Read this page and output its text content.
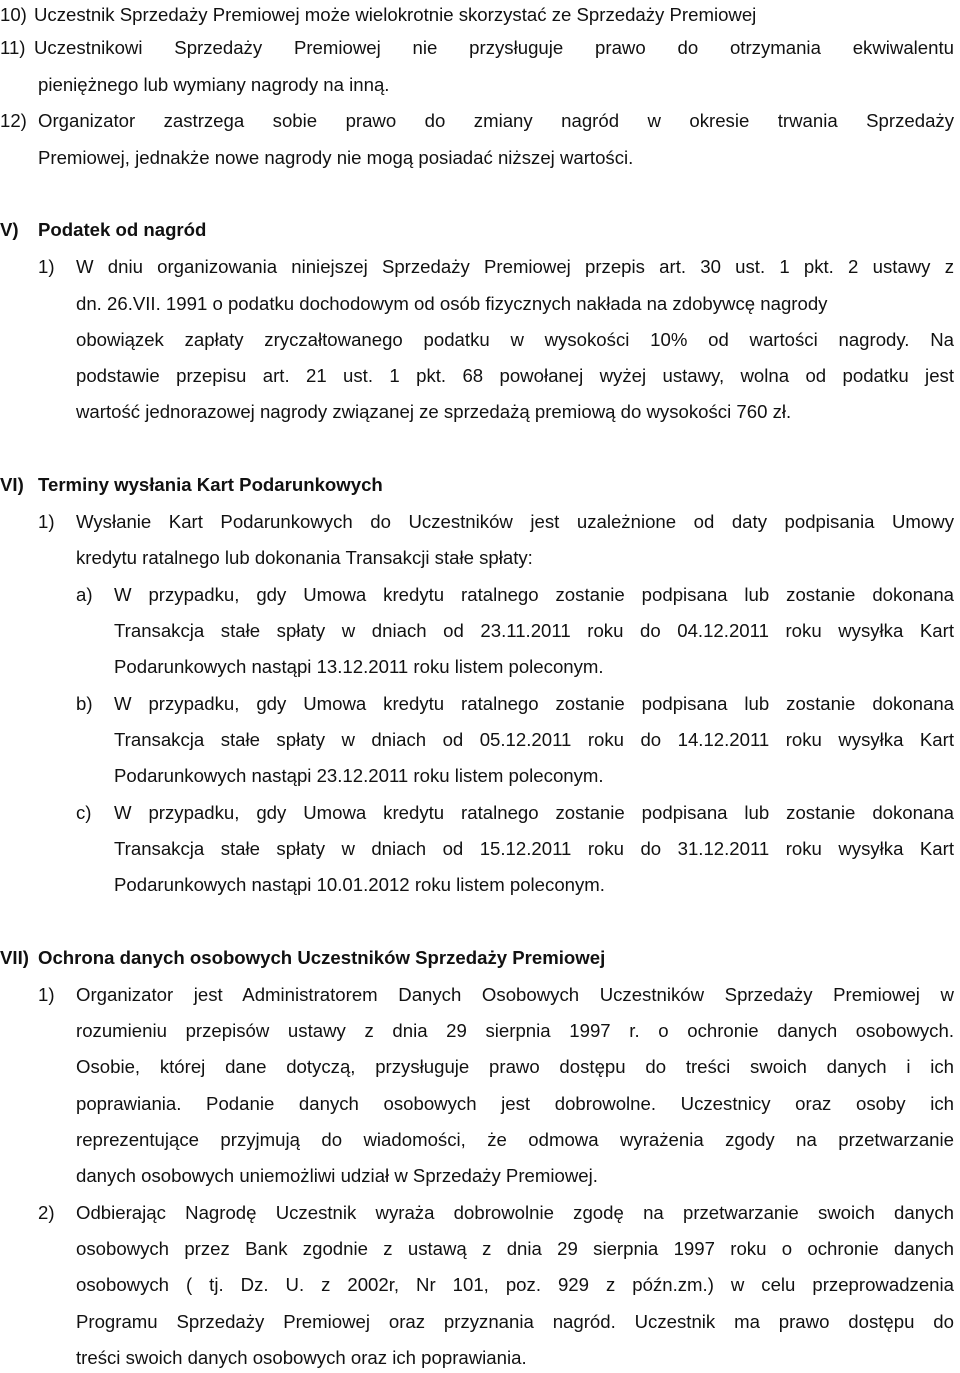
10) Uczestnik Sprzedaży Premiowej może wielokrotnie skorzystać ze Sprzedaży Premiowej
11) Uczestnikowi Sprzedaży Premiowej nie przysługuje prawo do otrzymania ekwiwalentu
pieniężnego lub wymiany nagrody na inną.
12) Organizator zastrzega sobie prawo do zmiany nagród w okresie trwania Sprzedaży
Premiowej, jednakże nowe nagrody nie mogą posiadać niższej wartości.
V) Podatek od nagród
1) W dniu organizowania niniejszej Sprzedaży Premiowej przepis art. 30 ust. 1 pkt. 2 ustawy z
dn. 26.VII. 1991 o podatku dochodowym od osób fizycznych nakłada na zdobywcę nagrody
obowiązek zapłaty zryczałtowanego podatku w wysokości 10% od wartości nagrody. Na
podstawie przepisu art. 21 ust. 1 pkt. 68 powołanej wyżej ustawy, wolna od podatku jest
wartość jednorazowej nagrody związanej ze sprzedażą premiową do wysokości 760 zł.
VI) Terminy wysłania Kart Podarunkowych
1) Wysłanie Kart Podarunkowych do Uczestników jest uzależnione od daty podpisania Umowy
kredytu ratalnego lub dokonania Transakcji stałe spłaty:
a) W przypadku, gdy Umowa kredytu ratalnego zostanie podpisana lub zostanie dokonana
Transakcja stałe spłaty w dniach od 23.11.2011 roku do 04.12.2011 roku wysyłka Kart
Podarunkowych nastąpi 13.12.2011 roku listem poleconym.
b) W przypadku, gdy Umowa kredytu ratalnego zostanie podpisana lub zostanie dokonana
Transakcja stałe spłaty w dniach od 05.12.2011 roku do 14.12.2011 roku wysyłka Kart
Podarunkowych nastąpi 23.12.2011 roku listem poleconym.
c) W przypadku, gdy Umowa kredytu ratalnego zostanie podpisana lub zostanie dokonana
Transakcja stałe spłaty w dniach od 15.12.2011 roku do 31.12.2011 roku wysyłka Kart
Podarunkowych nastąpi 10.01.2012 roku listem poleconym.
VII) Ochrona danych osobowych Uczestników Sprzedaży Premiowej
1) Organizator jest Administratorem Danych Osobowych Uczestników Sprzedaży Premiowej w
rozumieniu przepisów ustawy z dnia 29 sierpnia 1997 r. o ochronie danych osobowych.
Osobie, której dane dotyczą, przysługuje prawo dostępu do treści swoich danych i ich
poprawiania. Podanie danych osobowych jest dobrowolne. Uczestnicy oraz osoby ich
reprezentujące przyjmują do wiadomości, że odmowa wyrażenia zgody na przetwarzanie
danych osobowych uniemożliwi udział w Sprzedaży Premiowej.
2) Odbierając Nagrodę Uczestnik wyraża dobrowolnie zgodę na przetwarzanie swoich danych
osobowych przez Bank zgodnie z ustawą z dnia 29 sierpnia 1997 roku o ochronie danych
osobowych ( tj. Dz. U. z 2002r, Nr 101, poz. 929 z późn.zm.) w celu przeprowadzenia
Programu Sprzedaży Premiowej oraz przyznania nagród. Uczestnik ma prawo dostępu do
treści swoich danych osobowych oraz ich poprawiania.
